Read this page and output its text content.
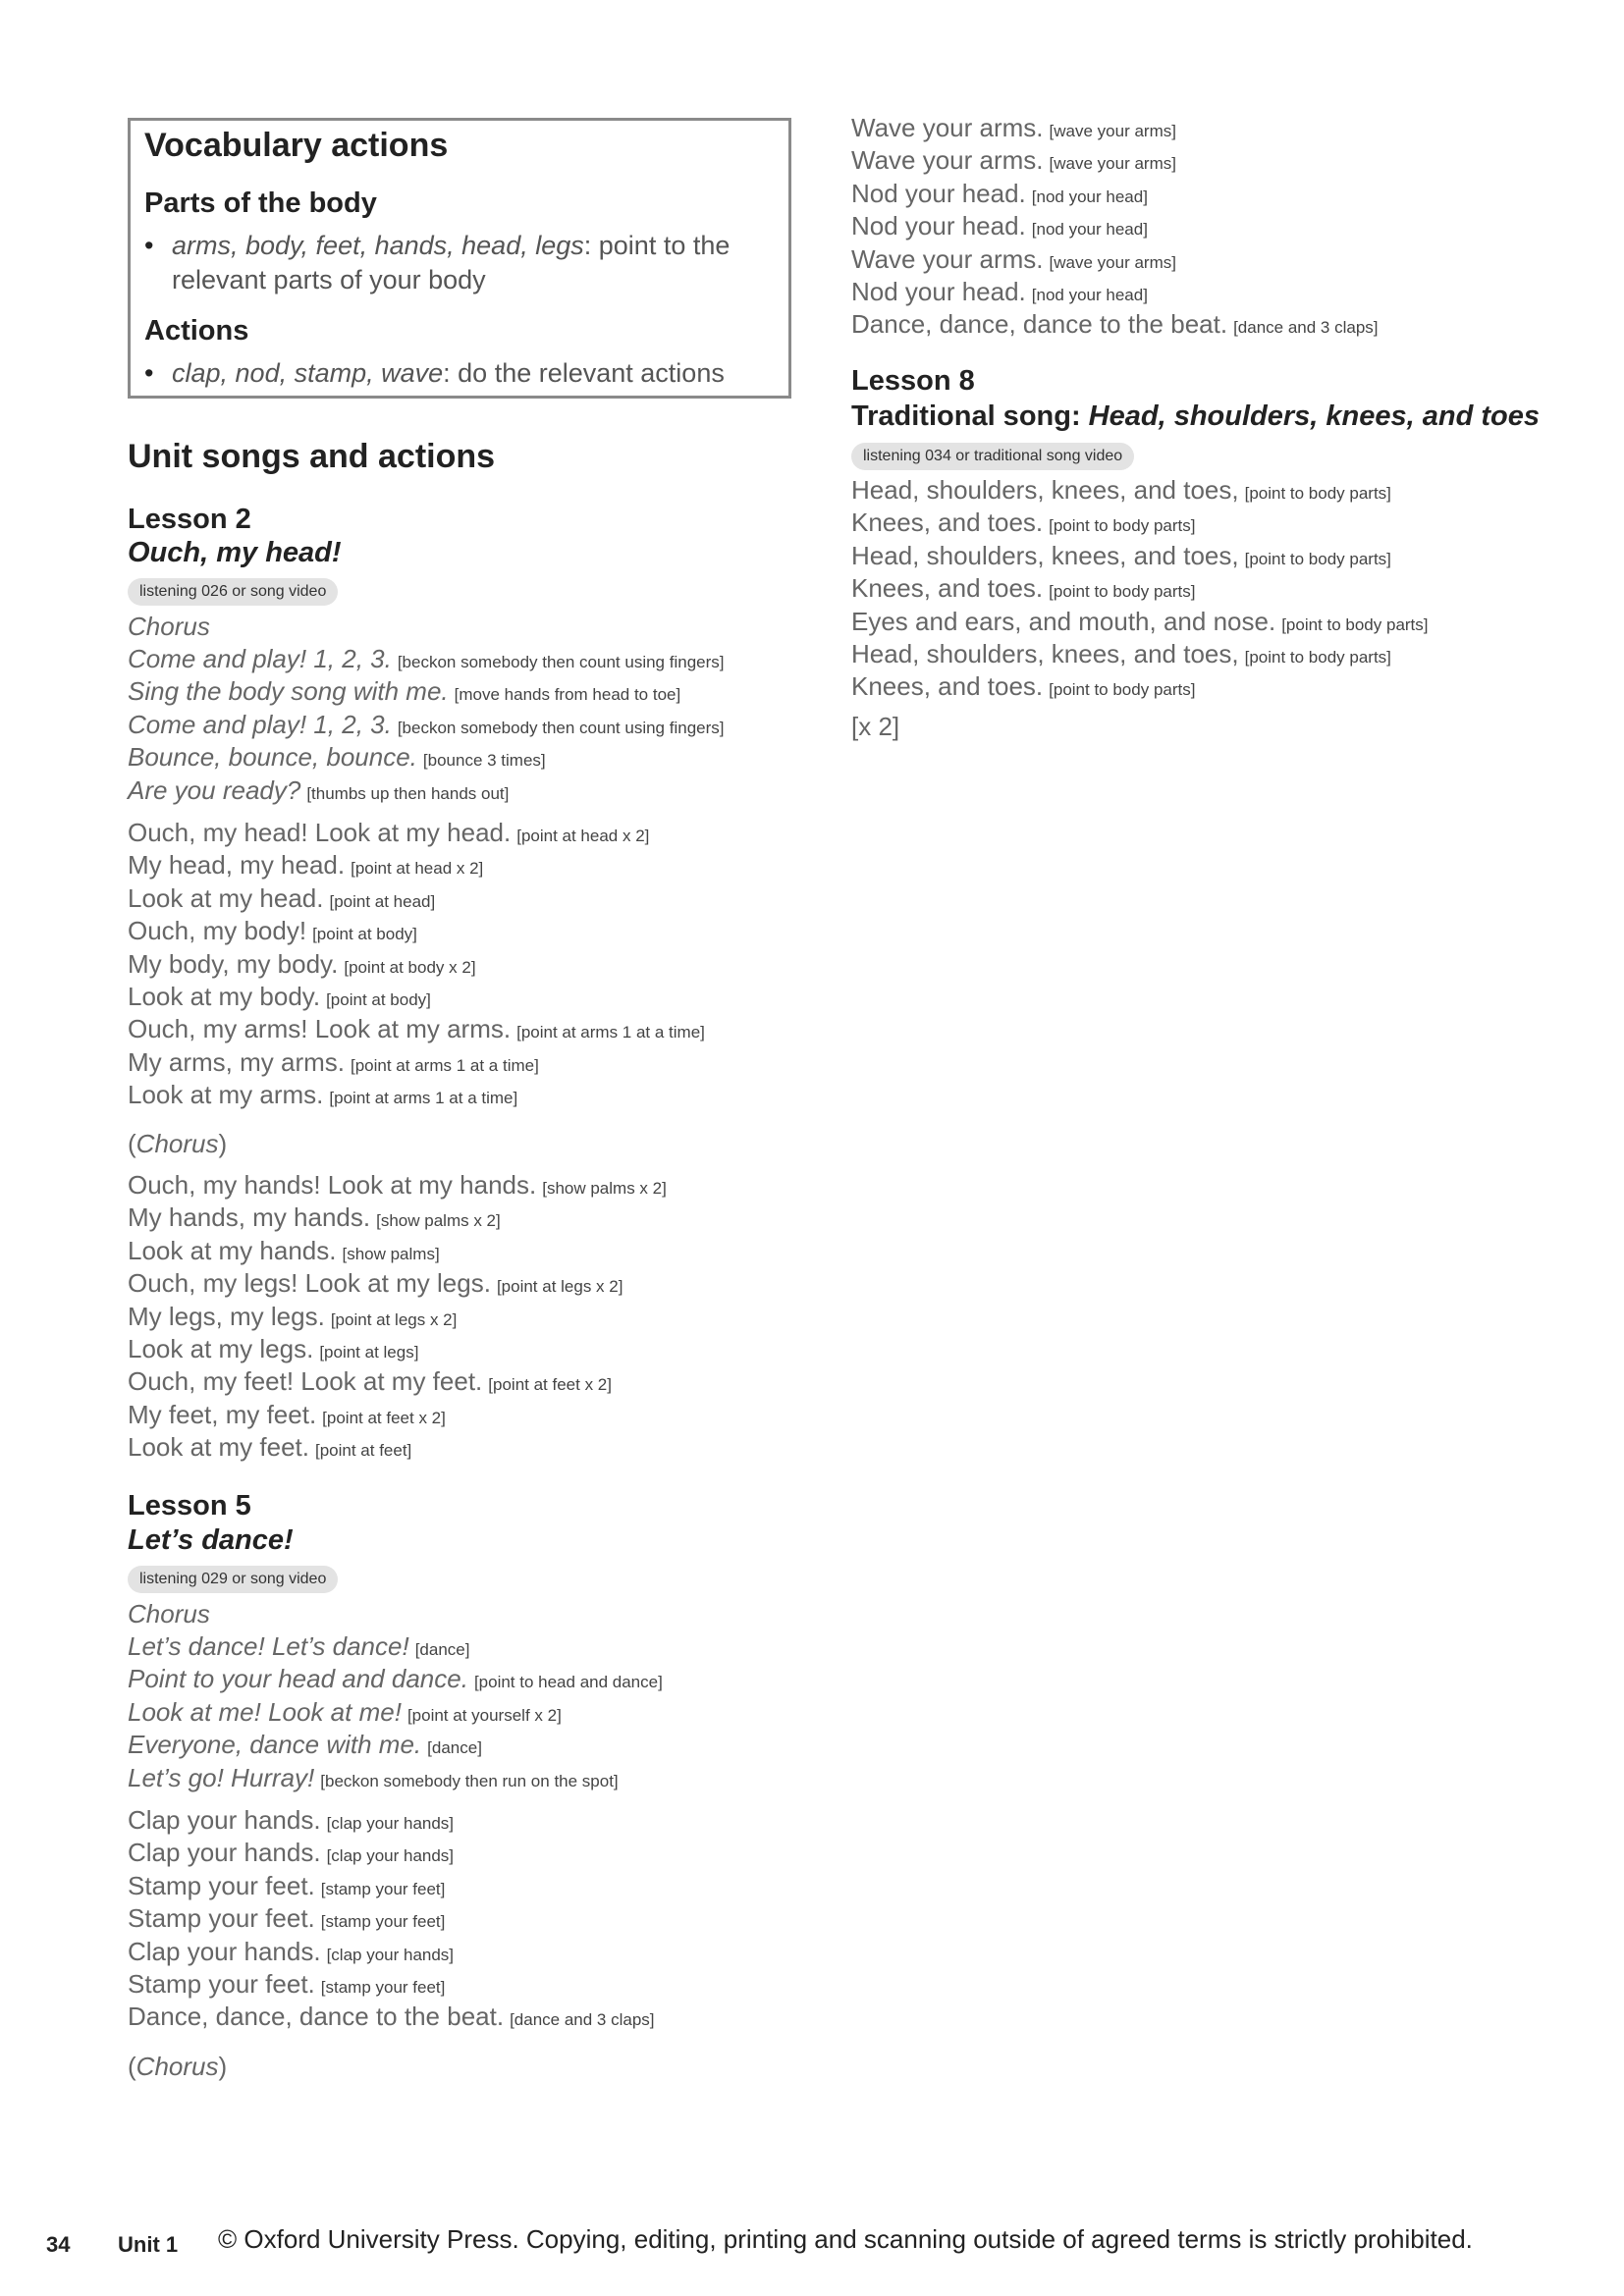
Vocabulary actions
Parts of the body
• arms, body, feet, hands, head, legs: point to the relevant parts of your body
Actions
• clap, nod, stamp, wave: do the relevant actions
Unit songs and actions
Lesson 2
Ouch, my head!
listening 026 or song video
Chorus
Come and play! 1, 2, 3. [beckon somebody then count using fingers]
Sing the body song with me. [move hands from head to toe]
Come and play! 1, 2, 3. [beckon somebody then count using fingers]
Bounce, bounce, bounce. [bounce 3 times]
Are you ready? [thumbs up then hands out]
Ouch, my head! Look at my head. [point at head x 2]
My head, my head. [point at head x 2]
Look at my head. [point at head]
Ouch, my body! [point at body]
My body, my body. [point at body x 2]
Look at my body. [point at body]
Ouch, my arms! Look at my arms. [point at arms 1 at a time]
My arms, my arms. [point at arms 1 at a time]
Look at my arms. [point at arms 1 at a time]
(Chorus)
Ouch, my hands! Look at my hands. [show palms x 2]
My hands, my hands. [show palms x 2]
Look at my hands. [show palms]
Ouch, my legs! Look at my legs. [point at legs x 2]
My legs, my legs. [point at legs x 2]
Look at my legs. [point at legs]
Ouch, my feet! Look at my feet. [point at feet x 2]
My feet, my feet. [point at feet x 2]
Look at my feet. [point at feet]
Lesson 5
Let’s dance!
listening 029 or song video
Chorus
Let’s dance! Let’s dance! [dance]
Point to your head and dance. [point to head and dance]
Look at me! Look at me! [point at yourself x 2]
Everyone, dance with me. [dance]
Let’s go! Hurray! [beckon somebody then run on the spot]
Clap your hands. [clap your hands]
Clap your hands. [clap your hands]
Stamp your feet. [stamp your feet]
Stamp your feet. [stamp your feet]
Clap your hands. [clap your hands]
Stamp your feet. [stamp your feet]
Dance, dance, dance to the beat. [dance and 3 claps]
(Chorus)
Wave your arms. [wave your arms]
Wave your arms. [wave your arms]
Nod your head. [nod your head]
Nod your head. [nod your head]
Wave your arms. [wave your arms]
Nod your head. [nod your head]
Dance, dance, dance to the beat. [dance and 3 claps]
Lesson 8
Traditional song: Head, shoulders, knees, and toes
listening 034 or traditional song video
Head, shoulders, knees, and toes, [point to body parts]
Knees, and toes. [point to body parts]
Head, shoulders, knees, and toes, [point to body parts]
Knees, and toes. [point to body parts]
Eyes and ears, and mouth, and nose. [point to body parts]
Head, shoulders, knees, and toes, [point to body parts]
Knees, and toes. [point to body parts]
[x 2]
34 Unit 1 © Oxford University Press. Copying, editing, printing and scanning outside of agreed terms is strictly prohibited.
